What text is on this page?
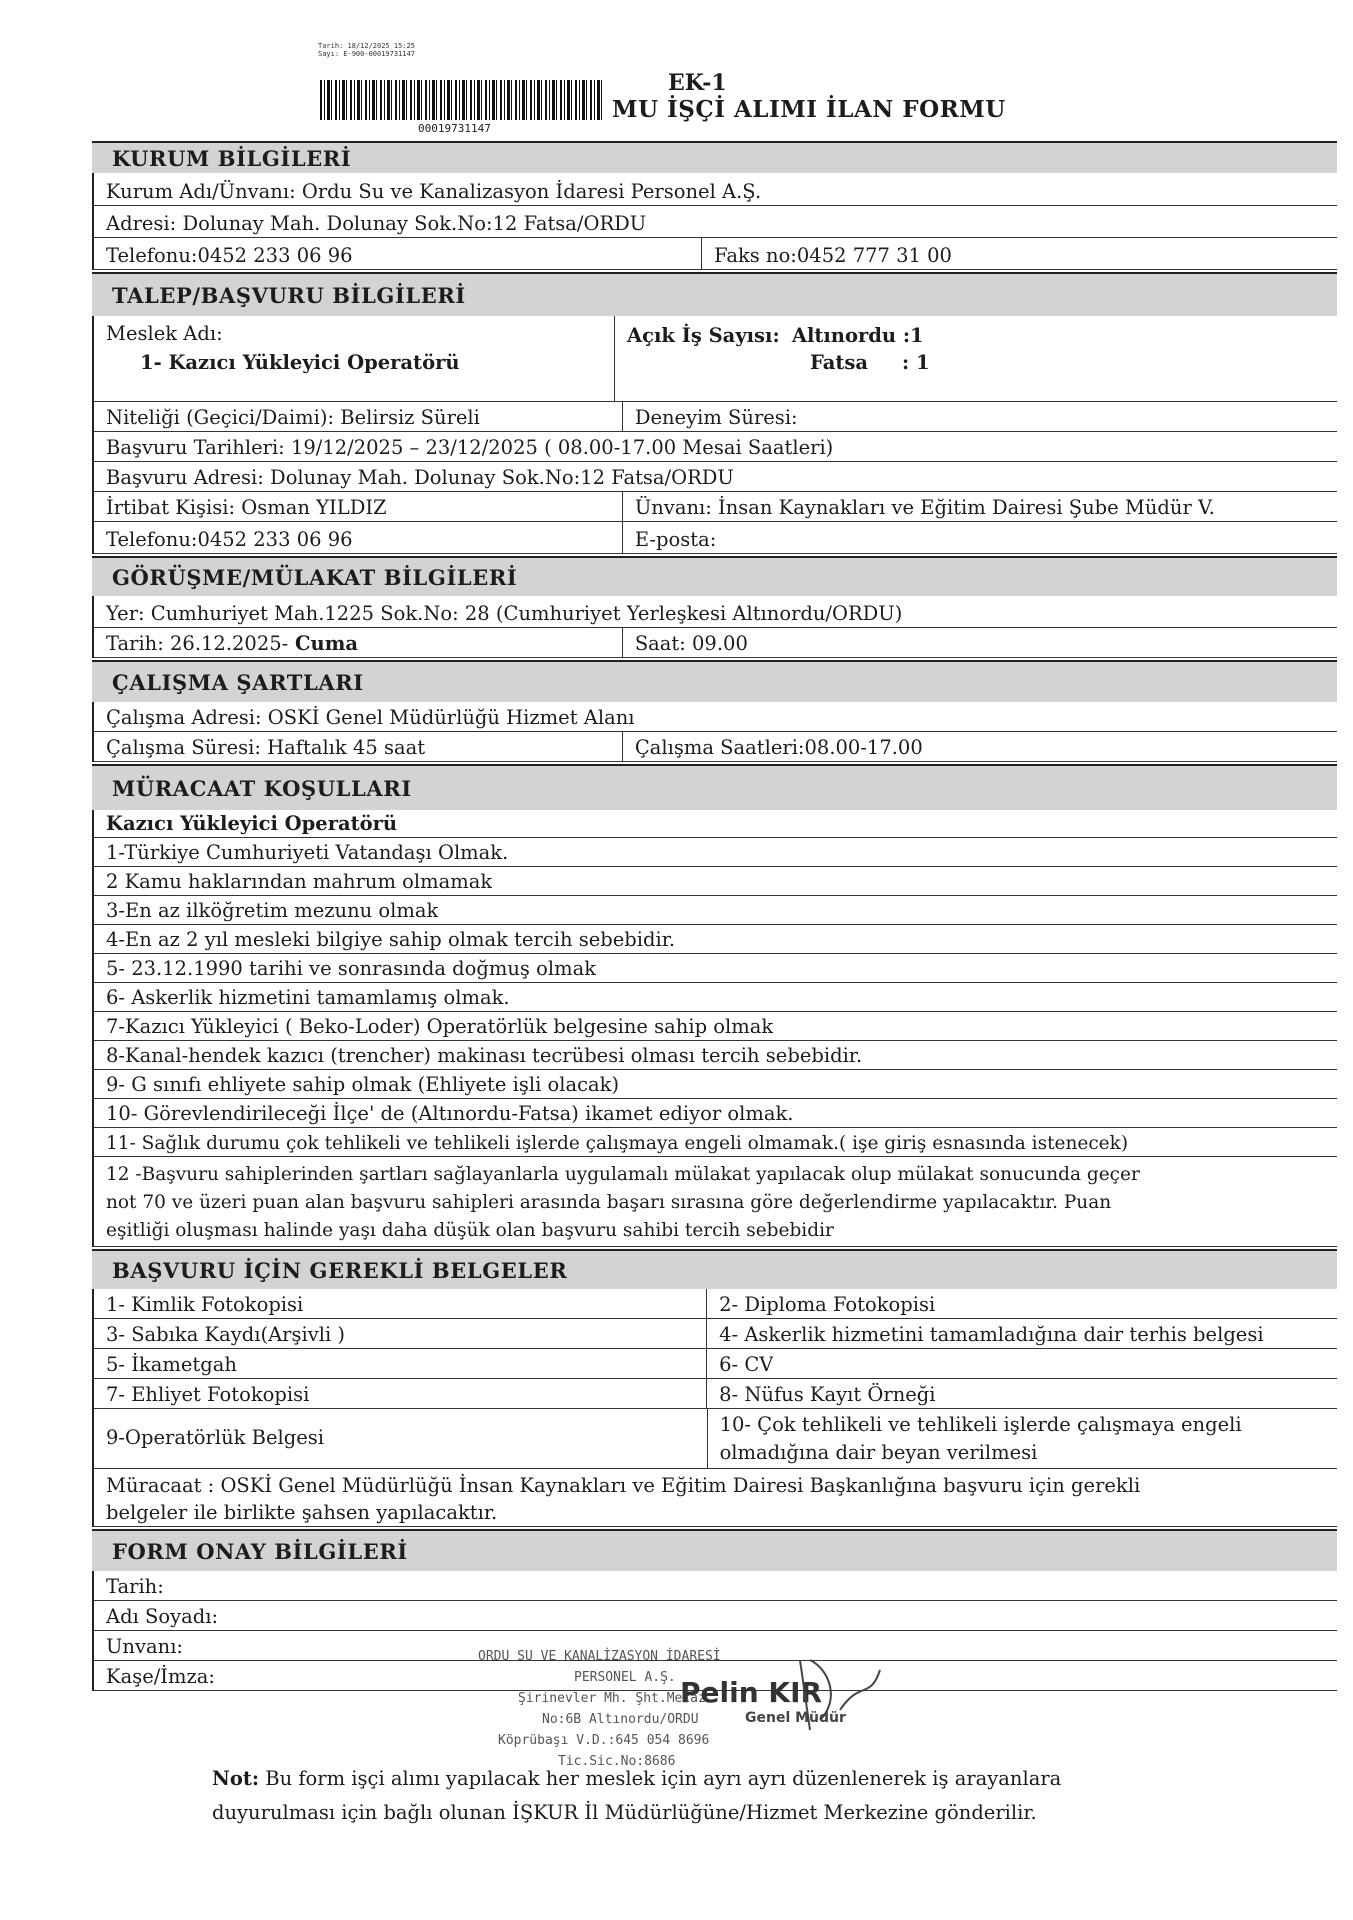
Tarih: 18/12/2025 15:25
Sayı: E-900-00019731147
00019731147
EK-1
MU İŞÇİ ALIMI İLAN FORMU
KURUM BİLGİLERİ
Kurum Adı/Ünvanı: Ordu Su ve Kanalizasyon İdaresi Personel A.Ş.
Adresi: Dolunay Mah. Dolunay Sok.No:12 Fatsa/ORDU
Telefonu:0452 233 06 96	Faks no:0452 777 31 00
TALEP/BAŞVURU BİLGİLERİ
Meslek Adı:
1- Kazıcı Yükleyici Operatörü
Açık İş Sayısı: Altınordu :1
Fatsa     : 1
Niteliği (Geçici/Daimi): Belirsiz Süreli	Deneyim Süresi:
Başvuru Tarihleri: 19/12/2025 – 23/12/2025 ( 08.00-17.00 Mesai Saatleri)
Başvuru Adresi: Dolunay Mah. Dolunay Sok.No:12 Fatsa/ORDU
İrtibat Kişisi: Osman YILDIZ	Ünvanı: İnsan Kaynakları ve Eğitim Dairesi Şube Müdür V.
Telefonu:0452 233 06 96	E-posta:
GÖRÜŞME/MÜLAKAT BİLGİLERİ
Yer: Cumhuriyet Mah.1225 Sok.No: 28 (Cumhuriyet Yerleşkesi Altınordu/ORDU)
Tarih: 26.12.2025- Cuma	Saat: 09.00
ÇALIŞMA ŞARTLARI
Çalışma Adresi: OSKİ Genel Müdürlüğü Hizmet Alanı
Çalışma Süresi: Haftalık 45 saat	Çalışma Saatleri:08.00-17.00
MÜRACAAT KOŞULLARI
Kazıcı Yükleyici Operatörü
1-Türkiye Cumhuriyeti Vatandaşı Olmak.
2 Kamu haklarından mahrum olmamak
3-En az ilköğretim mezunu olmak
4-En az 2 yıl mesleki bilgiye sahip olmak tercih sebebidir.
5- 23.12.1990 tarihi ve sonrasında doğmuş olmak
6- Askerlik hizmetini tamamlamış olmak.
7-Kazıcı Yükleyici ( Beko-Loder) Operatörlük belgesine sahip olmak
8-Kanal-hendek kazıcı (trencher) makinası tecrübesi olması tercih sebebidir.
9- G sınıfı ehliyete sahip olmak (Ehliyete işli olacak)
10- Görevlendirileceği İlçe' de (Altınordu-Fatsa) ikamet ediyor olmak.
11- Sağlık durumu çok tehlikeli ve tehlikeli işlerde çalışmaya engeli olmamak.( işe giriş esnasında istenecek)
12 -Başvuru sahiplerinden şartları sağlayanlarla uygulamalı mülakat yapılacak olup mülakat sonucunda geçer
not 70 ve üzeri puan alan başvuru sahipleri arasında başarı sırasına göre değerlendirme yapılacaktır. Puan
eşitliği oluşması halinde yaşı daha düşük olan başvuru sahibi tercih sebebidir
BAŞVURU İÇİN GEREKLİ BELGELER
1- Kimlik Fotokopisi	2- Diploma Fotokopisi
3- Sabıka Kaydı(Arşivli )	4- Askerlik hizmetini tamamladığına dair terhis belgesi
5- İkametgah	6- CV
7- Ehliyet Fotokopisi	8- Nüfus Kayıt Örneği
9-Operatörlük Belgesi
10- Çok tehlikeli ve tehlikeli işlerde çalışmaya engeli
olmadığına dair beyan verilmesi
Müracaat : OSKİ Genel Müdürlüğü İnsan Kaynakları ve Eğitim Dairesi Başkanlığına başvuru için gerekli
belgeler ile birlikte şahsen yapılacaktır.
FORM ONAY BİLGİLERİ
Tarih:
Adı Soyadı:
Unvanı:
Kaşe/İmza:
ORDU SU VE KANALİZASYON İDARESİ
PERSONEL A.Ş.
Şirinevler Mh. Şht.Mecaz
No:6B Altınordu/ORDU
Köprübaşı V.D.:645 054 8696
Tic.Sic.No:8686
Pelin KIR
Genel Müdür
Not: Bu form işçi alımı yapılacak her meslek için ayrı ayrı düzenlenerek iş arayanlara
duyurulması için bağlı olunan İŞKUR İl Müdürlüğüne/Hizmet Merkezine gönderilir.
